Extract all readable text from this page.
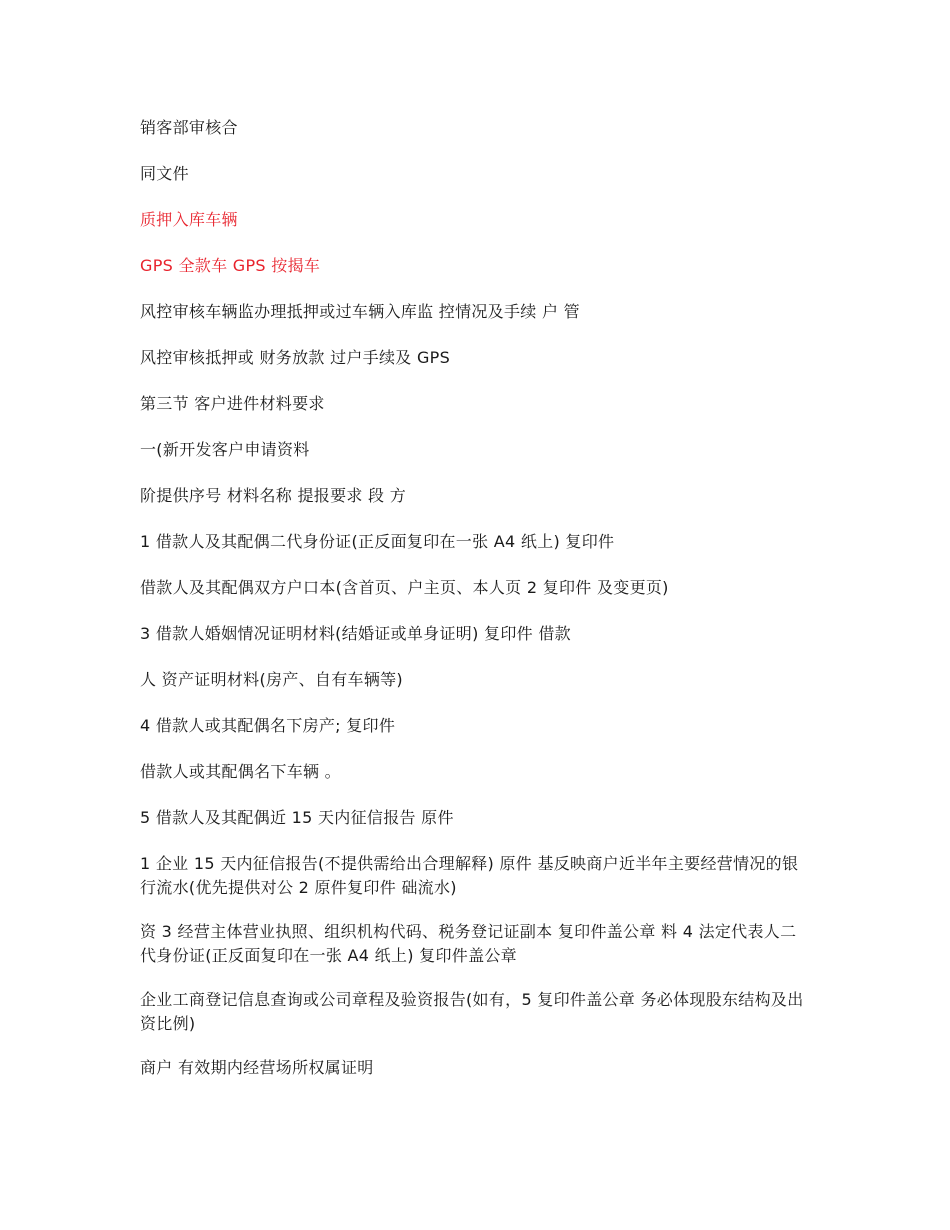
销客部审核合

同文件

质押入库车辆

GPS 全款车 GPS 按揭车

风控审核车辆监办理抵押或过车辆入库监 控情况及手续 户 管

风控审核抵押或 财务放款 过户手续及 GPS

第三节 客户进件材料要求

一(新开发客户申请资料

阶提供序号 材料名称 提报要求 段 方

1 借款人及其配偶二代身份证(正反面复印在一张 A4 纸上) 复印件

借款人及其配偶双方户口本(含首页、户主页、本人页 2 复印件 及变更页)

3 借款人婚姻情况证明材料(结婚证或单身证明) 复印件 借款

人 资产证明材料(房产、自有车辆等)

4 借款人或其配偶名下房产; 复印件

借款人或其配偶名下车辆 。

5 借款人及其配偶近 15 天内征信报告 原件

1 企业 15 天内征信报告(不提供需给出合理解释) 原件 基反映商户近半年主要经营情况的银行流水(优先提供对公 2 原件复印件 础流水)

资 3 经营主体营业执照、组织机构代码、税务登记证副本 复印件盖公章 料 4 法定代表人二代身份证(正反面复印在一张 A4 纸上) 复印件盖公章

企业工商登记信息查询或公司章程及验资报告(如有，5 复印件盖公章 务必体现股东结构及出资比例)

商户 有效期内经营场所权属证明
